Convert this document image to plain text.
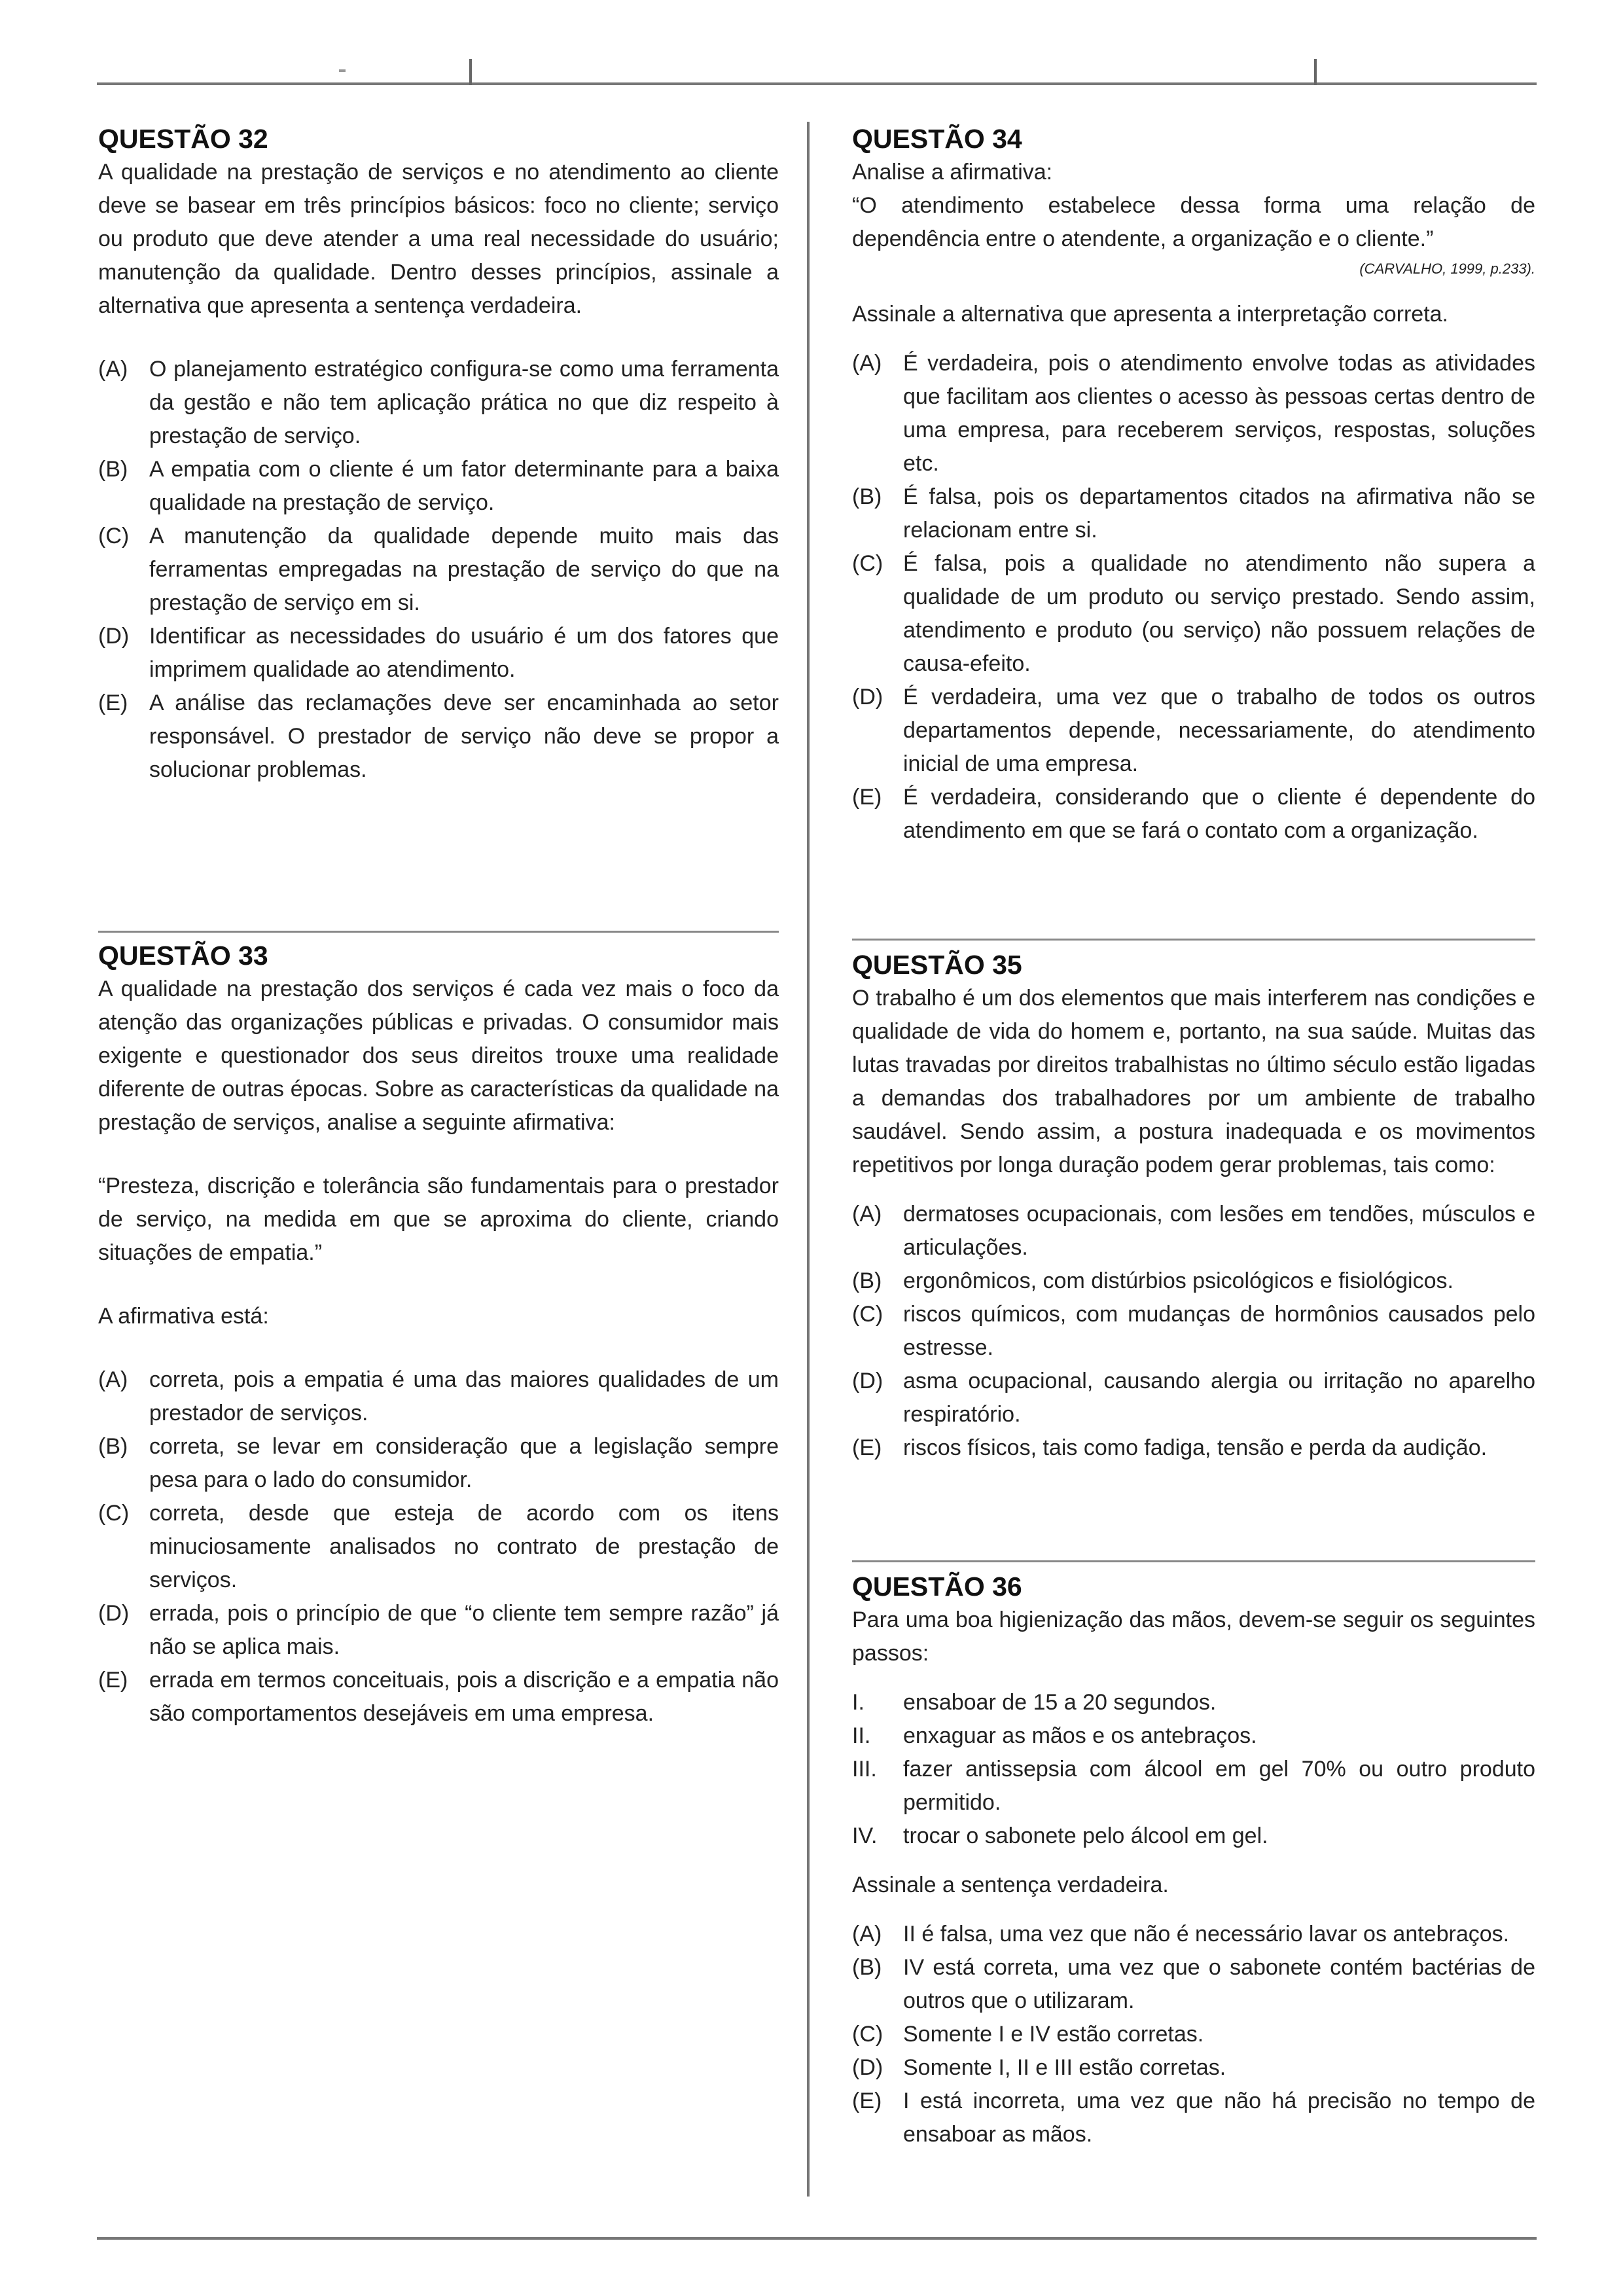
QUESTÃO 32

A qualidade na prestação de serviços e no atendimento ao cliente deve se basear em três princípios básicos: foco no cliente; serviço ou produto que deve atender a uma real necessidade do usuário; manutenção da qualidade. Dentro desses princípios, assinale a alternativa que apresenta a sentença verdadeira.

(A) O planejamento estratégico configura-se como uma ferramenta da gestão e não tem aplicação prática no que diz respeito à prestação de serviço.
(B) A empatia com o cliente é um fator determinante para a baixa qualidade na prestação de serviço.
(C) A manutenção da qualidade depende muito mais das ferramentas empregadas na prestação de serviço do que na prestação de serviço em si.
(D) Identificar as necessidades do usuário é um dos fatores que imprimem qualidade ao atendimento.
(E) A análise das reclamações deve ser encaminhada ao setor responsável. O prestador de serviço não deve se propor a solucionar problemas.
QUESTÃO 33

A qualidade na prestação dos serviços é cada vez mais o foco da atenção das organizações públicas e privadas. O consumidor mais exigente e questionador dos seus direitos trouxe uma realidade diferente de outras épocas. Sobre as características da qualidade na prestação de serviços, analise a seguinte afirmativa:

“Presteza, discrição e tolerância são fundamentais para o prestador de serviço, na medida em que se aproxima do cliente, criando situações de empatia.”

A afirmativa está:

(A) correta, pois a empatia é uma das maiores qualidades de um prestador de serviços.
(B) correta, se levar em consideração que a legislação sempre pesa para o lado do consumidor.
(C) correta, desde que esteja de acordo com os itens minuciosamente analisados no contrato de prestação de serviços.
(D) errada, pois o princípio de que “o cliente tem sempre razão” já não se aplica mais.
(E) errada em termos conceituais, pois a discrição e a empatia não são comportamentos desejáveis em uma empresa.
QUESTÃO 34

Analise a afirmativa:

“O atendimento estabelece dessa forma uma relação de dependência entre o atendente, a organização e o cliente.”

(CARVALHO, 1999, p.233).

Assinale a alternativa que apresenta a interpretação correta.

(A) É verdadeira, pois o atendimento envolve todas as atividades que facilitam aos clientes o acesso às pessoas certas dentro de uma empresa, para receberem serviços, respostas, soluções etc.
(B) É falsa, pois os departamentos citados na afirmativa não se relacionam entre si.
(C) É falsa, pois a qualidade no atendimento não supera a qualidade de um produto ou serviço prestado. Sendo assim, atendimento e produto (ou serviço) não possuem relações de causa-efeito.
(D) É verdadeira, uma vez que o trabalho de todos os outros departamentos depende, necessariamente, do atendimento inicial de uma empresa.
(E) É verdadeira, considerando que o cliente é dependente do atendimento em que se fará o contato com a organização.
QUESTÃO 35

O trabalho é um dos elementos que mais interferem nas condições e qualidade de vida do homem e, portanto, na sua saúde. Muitas das lutas travadas por direitos trabalhistas no último século estão ligadas a demandas dos trabalhadores por um ambiente de trabalho saudável. Sendo assim, a postura inadequada e os movimentos repetitivos por longa duração podem gerar problemas, tais como:

(A) dermatoses ocupacionais, com lesões em tendões, músculos e articulações.
(B) ergonômicos, com distúrbios psicológicos e fisiológicos.
(C) riscos químicos, com mudanças de hormônios causados pelo estresse.
(D) asma ocupacional, causando alergia ou irritação no aparelho respiratório.
(E) riscos físicos, tais como fadiga, tensão e perda da audição.
QUESTÃO 36

Para uma boa higienização das mãos, devem-se seguir os seguintes passos:

I.	ensaboar de 15 a 20 segundos.
II.	enxaguar as mãos e os antebraços.
III.	fazer antissepsia com álcool em gel 70% ou outro produto permitido.
IV.	trocar o sabonete pelo álcool em gel.

Assinale a sentença verdadeira.

(A) II é falsa, uma vez que não é necessário lavar os antebraços.
(B) IV está correta, uma vez que o sabonete contém bactérias de outros que o utilizaram.
(C) Somente I e IV estão corretas.
(D) Somente I, II e III estão corretas.
(E) I está incorreta, uma vez que não há precisão no tempo de ensaboar as mãos.
